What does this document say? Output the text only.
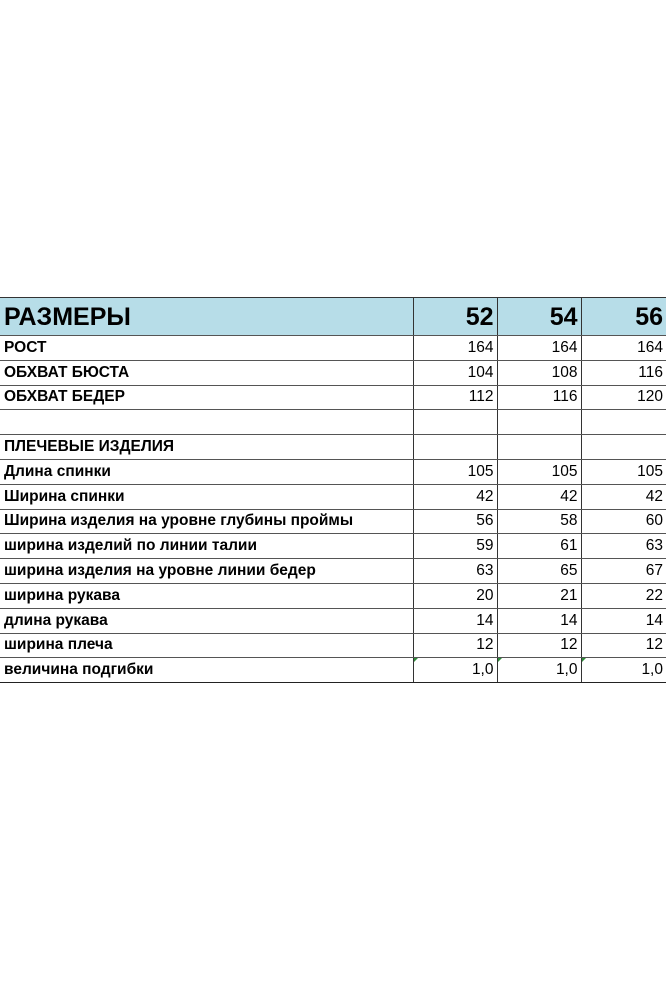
РАЗМЕРЫ	52	54	56
РОСТ	164	164	164
ОБХВАТ БЮСТА	104	108	116
ОБХВАТ БЕДЕР	112	116	120

ПЛЕЧЕВЫЕ ИЗДЕЛИЯ			
Длина спинки	105	105	105
Ширина спинки	42	42	42
Ширина изделия на уровне глубины проймы	56	58	60
ширина изделий по линии талии	59	61	63
ширина изделия на уровне линии бедер	63	65	67
ширина рукава	20	21	22
длина рукава	14	14	14
ширина плеча	12	12	12
величина подгибки	1,0	1,0	1,0
